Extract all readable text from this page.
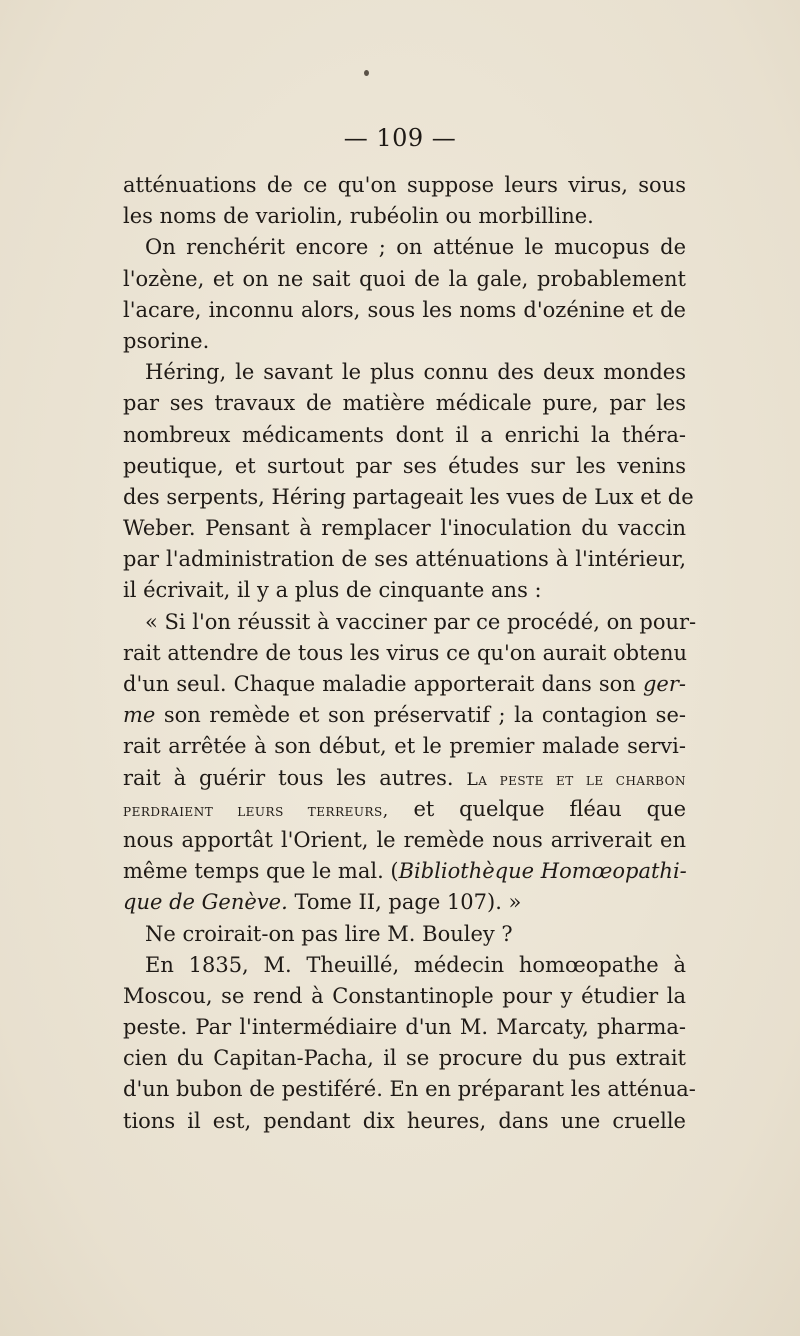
— 109 —
atténuations de ce qu'on suppose leurs virus, sous
les noms de variolin, rubéolin ou morbilline.
On renchérit encore ; on atténue le mucopus de
l'ozène, et on ne sait quoi de la gale, probablement
l'acare, inconnu alors, sous les noms d'ozénine et de
psorine.
Héring, le savant le plus connu des deux mondes
par ses travaux de matière médicale pure, par les
nombreux médicaments dont il a enrichi la théra-
peutique, et surtout par ses études sur les venins
des serpents, Héring partageait les vues de Lux et de
Weber. Pensant à remplacer l'inoculation du vaccin
par l'administration de ses atténuations à l'intérieur,
il écrivait, il y a plus de cinquante ans :
« Si l'on réussit à vacciner par ce procédé, on pour-
rait attendre de tous les virus ce qu'on aurait obtenu
d'un seul. Chaque maladie apporterait dans son ger-
me son remède et son préservatif ; la contagion se-
rait arrêtée à son début, et le premier malade servi-
rait à guérir tous les autres. La peste et le charbon
perdraient leurs terreurs, et quelque fléau que
nous apportât l'Orient, le remède nous arriverait en
même temps que le mal. (Bibliothèque Homœopathi-
que de Genève. Tome II, page 107). »
Ne croirait-on pas lire M. Bouley ?
En 1835, M. Theuillé, médecin homœopathe à
Moscou, se rend à Constantinople pour y étudier la
peste. Par l'intermédiaire d'un M. Marcaty, pharma-
cien du Capitan-Pacha, il se procure du pus extrait
d'un bubon de pestiféré. En en préparant les atténua-
tions il est, pendant dix heures, dans une cruelle
